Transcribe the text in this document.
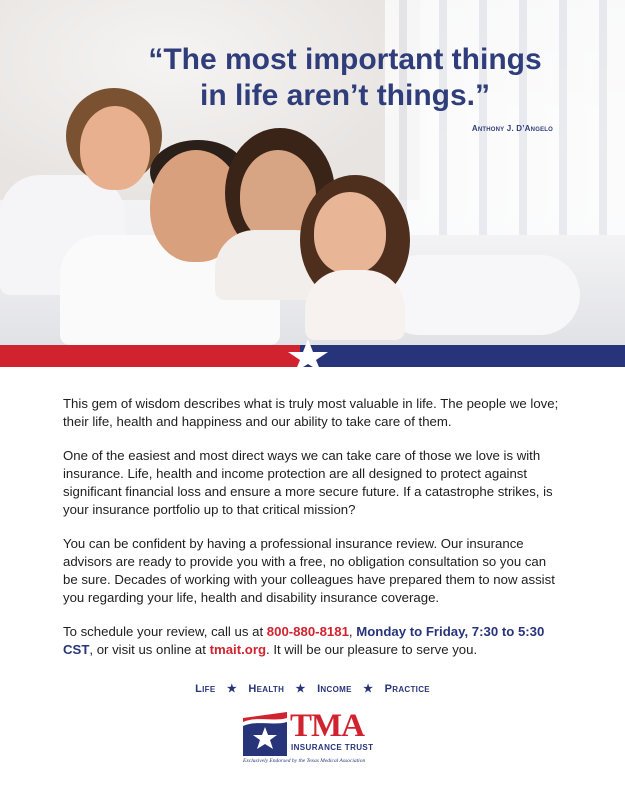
“The most important things
in life aren’t things.”
Anthony J. D’Angelo

This gem of wisdom describes what is truly most valuable in life. The people we love; their life, health and happiness and our ability to take care of them.

One of the easiest and most direct ways we can take care of those we love is with insurance. Life, health and income protection are all designed to protect against significant financial loss and ensure a more secure future. If a catastrophe strikes, is your insurance portfolio up to that critical mission?

You can be confident by having a professional insurance review. Our insurance advisors are ready to provide you with a free, no obligation consultation so you can be sure. Decades of working with your colleagues have prepared them to now assist you regarding your life, health and disability insurance coverage.

To schedule your review, call us at 800-880-8181, Monday to Friday, 7:30 to 5:30 CST, or visit us online at tmait.org. It will be our pleasure to serve you.

Life ★ Health ★ Income ★ Practice
TMA
INSURANCE TRUST
Exclusively Endorsed by the Texas Medical Association
